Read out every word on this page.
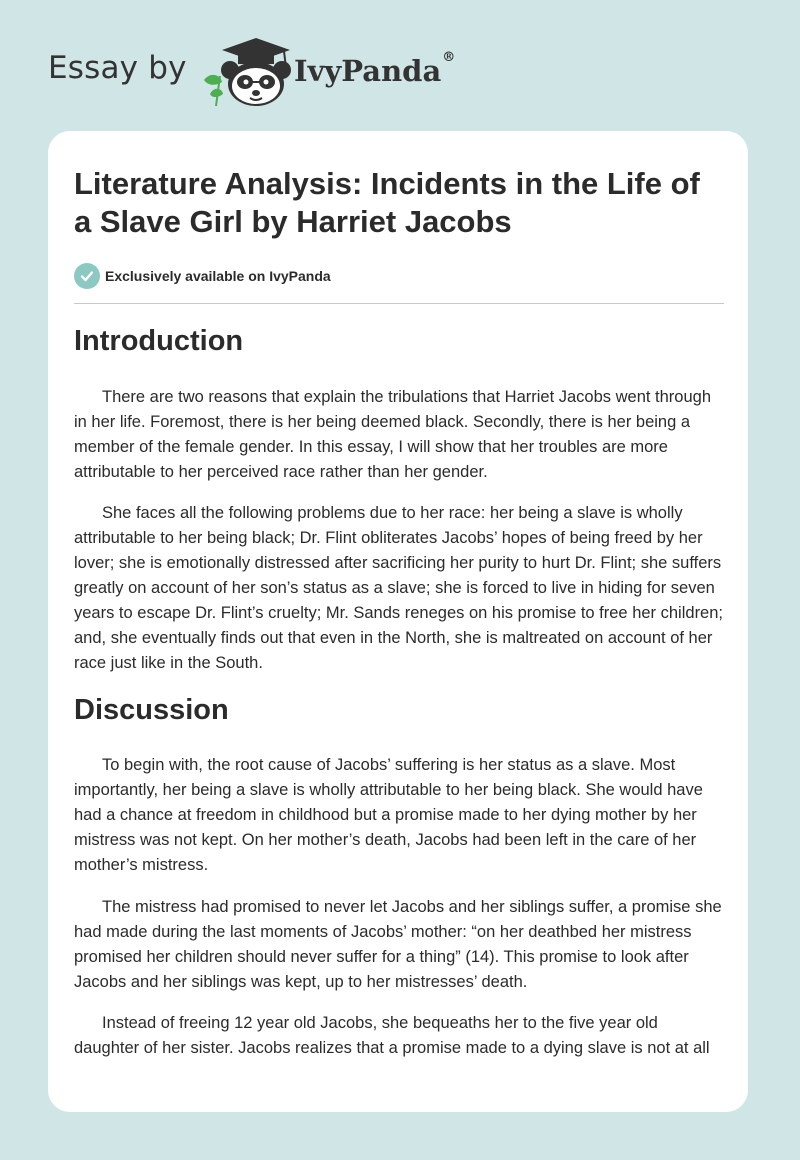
Essay by	IvyPanda®
Literature Analysis: Incidents in the Life of a Slave Girl by Harriet Jacobs
Exclusively available on IvyPanda
Introduction

There are two reasons that explain the tribulations that Harriet Jacobs went through in her life. Foremost, there is her being deemed black. Secondly, there is her being a member of the female gender. In this essay, I will show that her troubles are more attributable to her perceived race rather than her gender.

She faces all the following problems due to her race: her being a slave is wholly attributable to her being black; Dr. Flint obliterates Jacobs’ hopes of being freed by her lover; she is emotionally distressed after sacrificing her purity to hurt Dr. Flint; she suffers greatly on account of her son’s status as a slave; she is forced to live in hiding for seven years to escape Dr. Flint’s cruelty; Mr. Sands reneges on his promise to free her children; and, she eventually finds out that even in the North, she is maltreated on account of her race just like in the South.

Discussion

To begin with, the root cause of Jacobs’ suffering is her status as a slave. Most importantly, her being a slave is wholly attributable to her being black. She would have had a chance at freedom in childhood but a promise made to her dying mother by her mistress was not kept. On her mother’s death, Jacobs had been left in the care of her mother’s mistress.

The mistress had promised to never let Jacobs and her siblings suffer, a promise she had made during the last moments of Jacobs’ mother: “on her deathbed her mistress promised her children should never suffer for a thing” (14). This promise to look after Jacobs and her siblings was kept, up to her mistresses’ death.

Instead of freeing 12 year old Jacobs, she bequeaths her to the five year old daughter of her sister. Jacobs realizes that a promise made to a dying slave is not at all
